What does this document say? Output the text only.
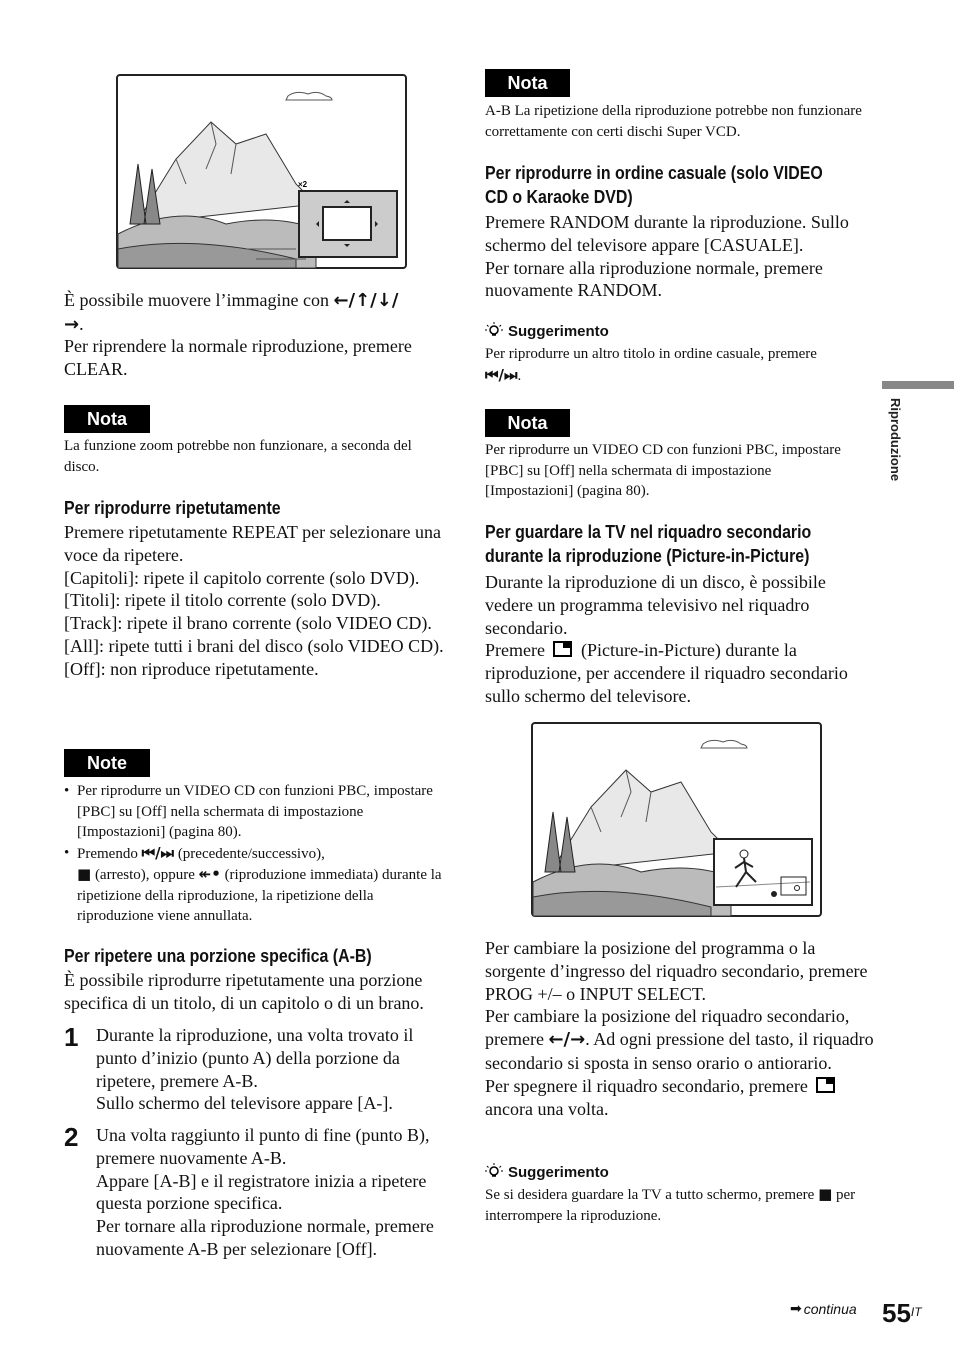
×2
È possibile muovere l’immagine con ←/↑/↓/
→.

Per riprendere la normale riproduzione, premere CLEAR.

Nota

La funzione zoom potrebbe non funzionare, a seconda del disco.

Per riprodurre ripetutamente

Premere ripetutamente REPEAT per selezionare una voce da ripetere.

[Capitoli]: ripete il capitolo corrente (solo DVD).

[Titoli]: ripete il titolo corrente (solo DVD).

[Track]: ripete il brano corrente (solo VIDEO CD).

[All]: ripete tutti i brani del disco (solo VIDEO CD).

[Off]: non riproduce ripetutamente.

Note
• Per riprodurre un VIDEO CD con funzioni PBC, impostare [PBC] su [Off] nella schermata di impostazione [Impostazioni] (pagina 80).
• Premendo ⏮/⏭ (precedente/successivo),
■ (arresto), oppure ↞• (riproduzione immediata) durante la ripetizione della riproduzione, la ripetizione della riproduzione viene annullata.
Per ripetere una porzione specifica (A-B)

È possibile riprodurre ripetutamente una porzione specifica di un titolo, di un capitolo o di un brano.

1 Durante la riproduzione, una volta trovato il punto d’inizio (punto A) della porzione da ripetere, premere A-B.

Sullo schermo del televisore appare [A-].

2 Una volta raggiunto il punto di fine (punto B), premere nuovamente A-B.

Appare [A-B] e il registratore inizia a ripetere questa porzione specifica.

Per tornare alla riproduzione normale, premere nuovamente A-B per selezionare [Off].

Nota

A-B La ripetizione della riproduzione potrebbe non funzionare correttamente con certi dischi Super VCD.

Per riprodurre in ordine casuale (solo VIDEO
CD o Karaoke DVD)

Premere RANDOM durante la riproduzione. Sullo schermo del televisore appare [CASUALE].

Per tornare alla riproduzione normale, premere nuovamente RANDOM.

Suggerimento

Per riprodurre un altro titolo in ordine casuale, premere
⏮/⏭.

Nota

Per riprodurre un VIDEO CD con funzioni PBC, impostare [PBC] su [Off] nella schermata di impostazione [Impostazioni] (pagina 80).

Per guardare la TV nel riquadro secondario
durante la riproduzione (Picture-in-Picture)

Durante la riproduzione di un disco, è possibile vedere un programma televisivo nel riquadro secondario.

Premere (Picture-in-Picture) durante la riproduzione, per accendere il riquadro secondario sullo schermo del televisore.

Per cambiare la posizione del programma o la sorgente d’ingresso del riquadro secondario, premere PROG +/– o INPUT SELECT.

Per cambiare la posizione del riquadro secondario, premere ←/→. Ad ogni pressione del tasto, il riquadro secondario si sposta in senso orario o antiorario.

Per spegnere il riquadro secondario, premere

ancora una volta.

Suggerimento

Se si desidera guardare la TV a tutto schermo, premere ■ per interrompere la riproduzione.

Riproduzione
➡ continua 55 IT
